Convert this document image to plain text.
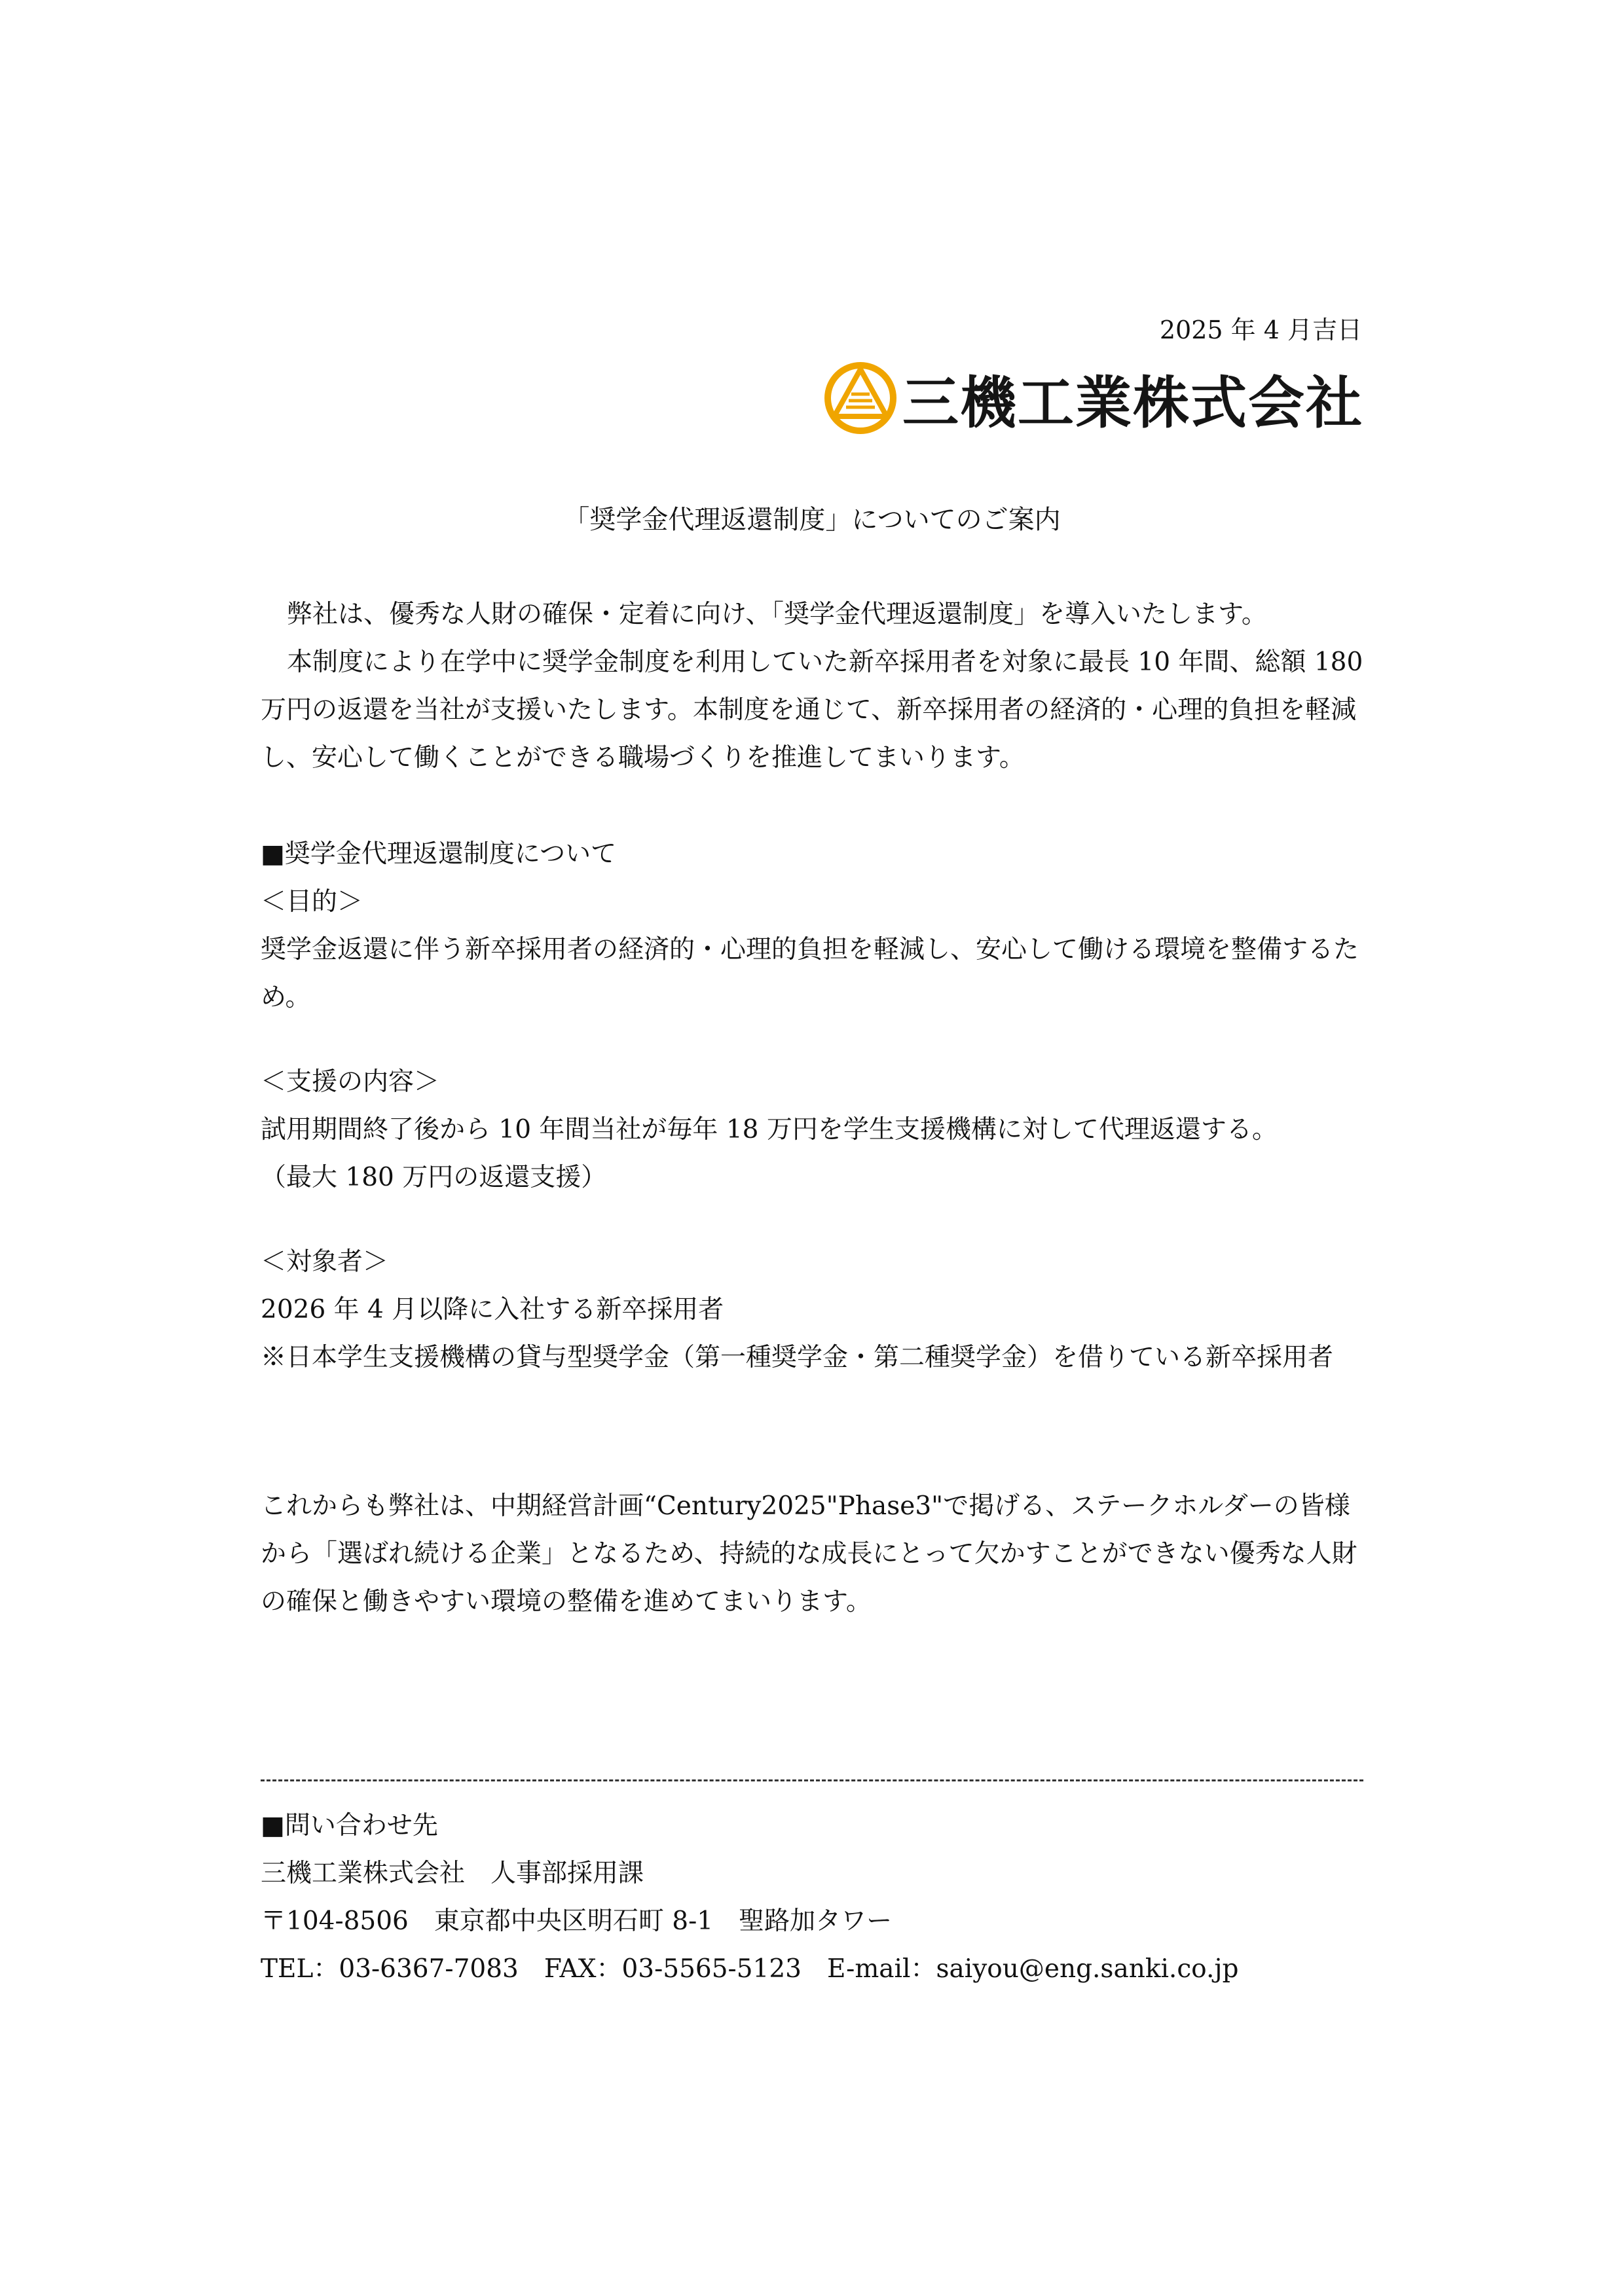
2025 年 4 月吉日
三機工業株式会社
「奨学金代理返還制度」についてのご案内

弊社は、優秀な人財の確保・定着に向け、「奨学金代理返還制度」を導入いたします。

本制度により在学中に奨学金制度を利用していた新卒採用者を対象に最長 10 年間、総額 180 万円の返還を当社が支援いたします。本制度を通じて、新卒採用者の経済的・心理的負担を軽減し、安心して働くことができる職場づくりを推進してまいります。

■奨学金代理返還制度について

＜目的＞

奨学金返還に伴う新卒採用者の経済的・心理的負担を軽減し、安心して働ける環境を整備するため。

＜支援の内容＞

試用期間終了後から 10 年間当社が毎年 18 万円を学生支援機構に対して代理返還する。

（最大 180 万円の返還支援）

＜対象者＞

2026 年 4 月以降に入社する新卒採用者

※日本学生支援機構の貸与型奨学金（第一種奨学金・第二種奨学金）を借りている新卒採用者

これからも弊社は、中期経営計画“Century2025"Phase3"で掲げる、ステークホルダーの皆様から「選ばれ続ける企業」となるため、持続的な成長にとって欠かすことができない優秀な人財の確保と働きやすい環境の整備を進めてまいります。

■問い合わせ先

三機工業株式会社　人事部採用課

〒104-8506　東京都中央区明石町 8-1　聖路加タワー

TEL：03-6367-7083　FAX：03-5565-5123　E-mail：saiyou@eng.sanki.co.jp
